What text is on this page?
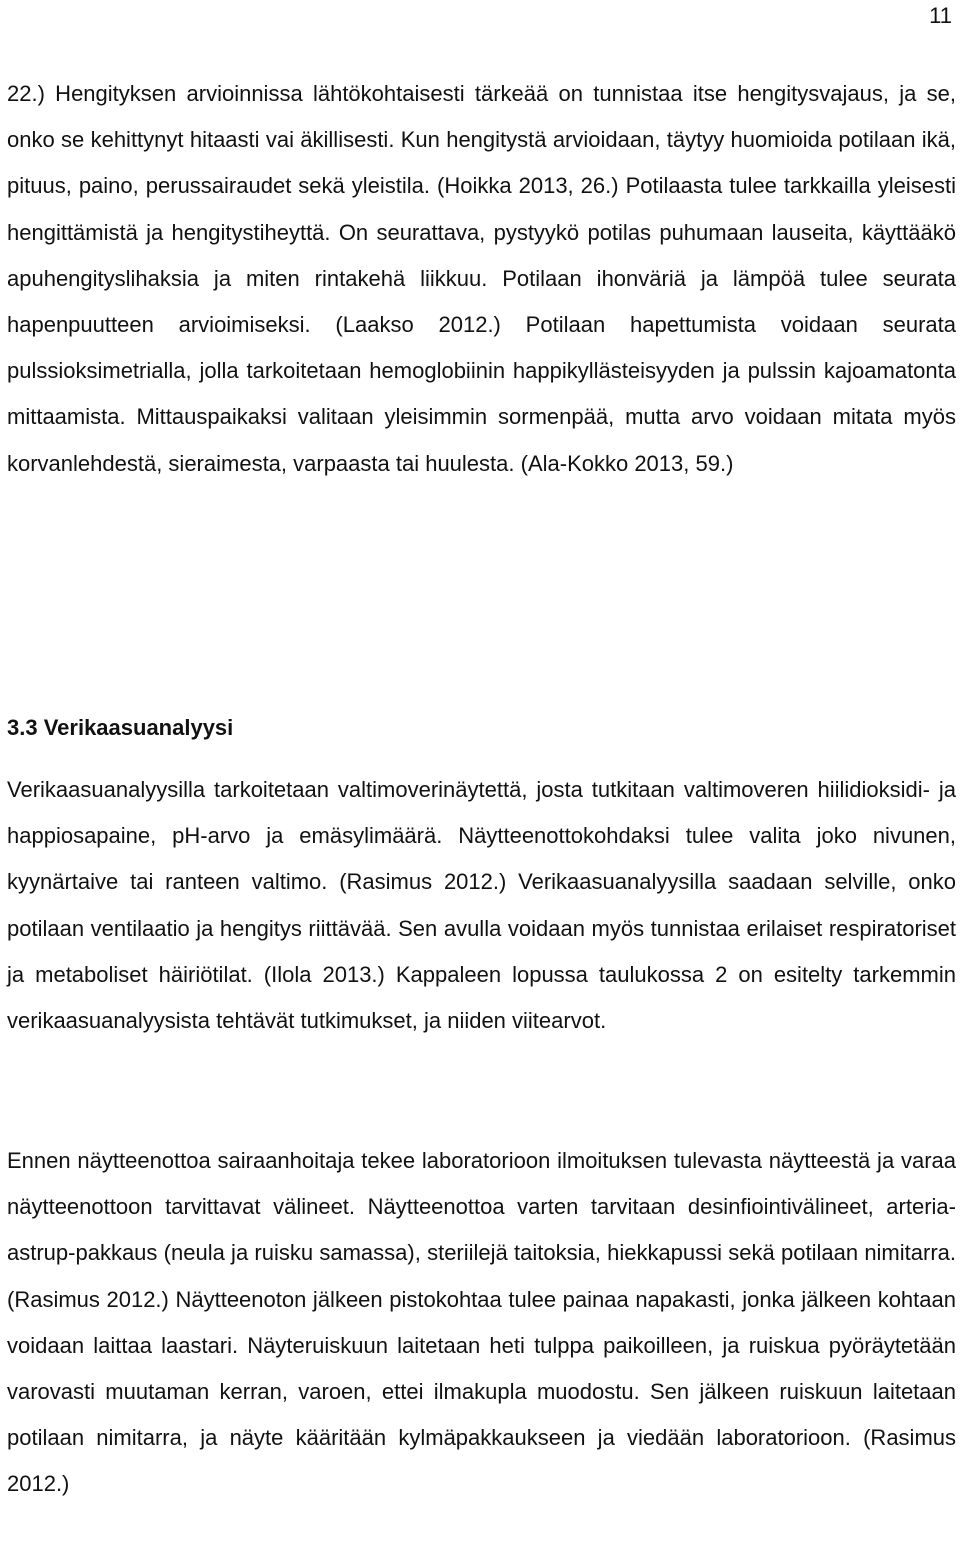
11

22.) Hengityksen arvioinnissa lähtökohtaisesti tärkeää on tunnistaa itse hengitysvajaus, ja se, onko se kehittynyt hitaasti vai äkillisesti. Kun hengitystä arvioidaan, täytyy huomioida potilaan ikä, pituus, paino, perussairaudet sekä yleistila. (Hoikka 2013, 26.) Potilaasta tulee tarkkailla yleisesti hengittämistä ja hengitystiheyttä. On seurattava, pystyykö potilas puhumaan lauseita, käyttääkö apuhengityslihaksia ja miten rintakehä liikkuu. Potilaan ihonväriä ja lämpöä tulee seurata hapenpuutteen arvioimiseksi. (Laakso 2012.) Potilaan hapettumista voidaan seurata pulssioksimetrialla, jolla tarkoitetaan hemoglobiinin happikyllästeisyyden ja pulssin kajoamatonta mittaamista. Mittauspaikaksi valitaan yleisimmin sormenpää, mutta arvo voidaan mitata myös korvanlehdestä, sieraimesta, varpaasta tai huulesta. (Ala-Kokko 2013, 59.)

3.3 Verikaasuanalyysi

Verikaasuanalyysilla tarkoitetaan valtimoverinäytettä, josta tutkitaan valtimoveren hiilidioksidi- ja happiosapaine, pH-arvo ja emäsylimäärä. Näytteenottokohdaksi tulee valita joko nivunen, kyynärtaive tai ranteen valtimo. (Rasimus 2012.) Verikaasuanalyysilla saadaan selville, onko potilaan ventilaatio ja hengitys riittävää. Sen avulla voidaan myös tunnistaa erilaiset respiratoriset ja metaboliset häiriötilat. (Ilola 2013.) Kappaleen lopussa taulukossa 2 on esitelty tarkemmin verikaasuanalyysista tehtävät tutkimukset, ja niiden viitearvot.

Ennen näytteenottoa sairaanhoitaja tekee laboratorioon ilmoituksen tulevasta näytteestä ja varaa näytteenottoon tarvittavat välineet. Näytteenottoa varten tarvitaan desinfiointivälineet, arteria-astrup-pakkaus (neula ja ruisku samassa), steriilejä taitoksia, hiekkapussi sekä potilaan nimitarra. (Rasimus 2012.) Näytteenoton jälkeen pistokohtaa tulee painaa napakasti, jonka jälkeen kohtaan voidaan laittaa laastari. Näyteruiskuun laitetaan heti tulppa paikoilleen, ja ruiskua pyöräytetään varovasti muutaman kerran, varoen, ettei ilmakupla muodostu. Sen jälkeen ruiskuun laitetaan potilaan nimitarra, ja näyte kääritään kylmäpakkaukseen ja viedään laboratorioon. (Rasimus 2012.)
